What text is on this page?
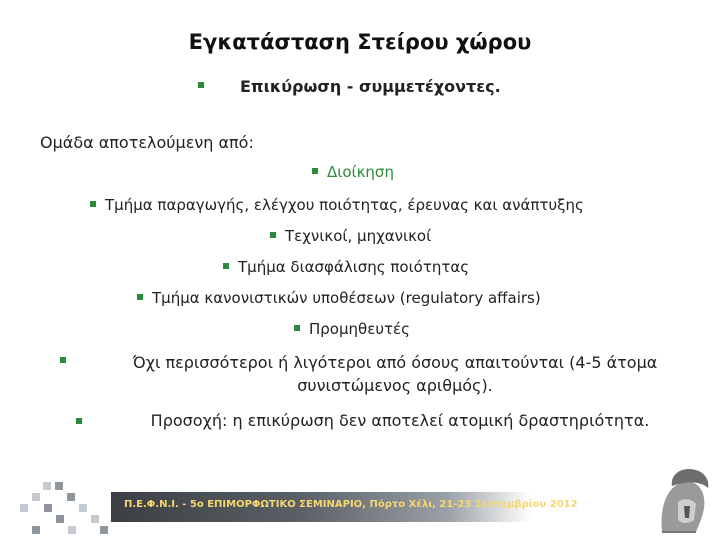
Εγκατάσταση Στείρου χώρου
Επικύρωση - συμμετέχοντες.
Ομάδα αποτελούμενη από:
Διοίκηση
Τμήμα παραγωγής, ελέγχου ποιότητας, έρευνας και ανάπτυξης
Τεχνικοί, μηχανικοί
Τμήμα διασφάλισης ποιότητας
Τμήμα κανονιστικών υποθέσεων (regulatory affairs)
Προμηθευτές
Όχι περισσότεροι ή λιγότεροι από όσους απαιτούνται (4-5 άτομα συνιστώμενος αριθμός).
Προσοχή: η επικύρωση δεν αποτελεί ατομική δραστηριότητα.
Π.Ε.Φ.Ν.Ι. - 5ο ΕΠΙΜΟΡΦΩΤΙΚΟ ΣΕΜΙΝΑΡΙΟ, Πόρτο Χέλι, 21-23 Σεπτεμβρίου 2012
